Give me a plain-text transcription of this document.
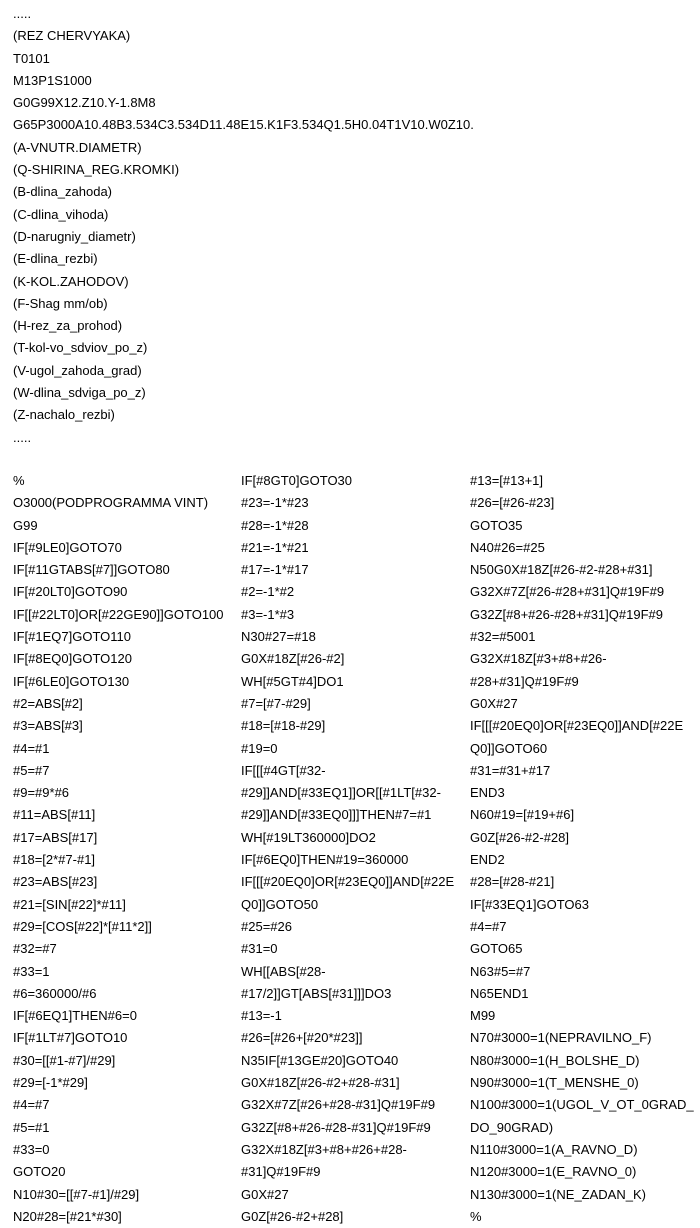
.....
(REZ CHERVYAKA)
T0101
M13P1S1000
G0G99X12.Z10.Y-1.8M8
G65P3000A10.48B3.534C3.534D11.48E15.K1F3.534Q1.5H0.04T1V10.W0Z10.
(A-VNUTR.DIAMETR)
(Q-SHIRINA_REG.KROMKI)
(B-dlina_zahoda)
(C-dlina_vihoda)
(D-narugniy_diametr)
(E-dlina_rezbi)
(K-KOL.ZAHODOV)
(F-Shag mm/ob)
(H-rez_za_prohod)
(T-kol-vo_sdviov_po_z)
(V-ugol_zahoda_grad)
(W-dlina_sdviga_po_z)
(Z-nachalo_rezbi)
.....
%
O3000(PODPROGRAMMA VINT)
G99
IF[#9LE0]GOTO70
IF[#11GTABS[#7]]GOTO80
IF[#20LT0]GOTO90
IF[[#22LT0]OR[#22GE90]]GOTO100
IF[#1EQ7]GOTO110
IF[#8EQ0]GOTO120
IF[#6LE0]GOTO130
#2=ABS[#2]
#3=ABS[#3]
#4=#1
#5=#7
#9=#9*#6
#11=ABS[#11]
#17=ABS[#17]
#18=[2*#7-#1]
#23=ABS[#23]
#21=[SIN[#22]*#11]
#29=[COS[#22]*[#11*2]]
#32=#7
#33=1
#6=360000/#6
IF[#6EQ1]THEN#6=0
IF[#1LT#7]GOTO10
#30=[[#1-#7]/#29]
#29=[-1*#29]
#4=#7
#5=#1
#33=0
GOTO20
N10#30=[[#7-#1]/#29]
N20#28=[#21*#30]
IF[#8GT0]GOTO30
#23=-1*#23
#28=-1*#28
#21=-1*#21
#17=-1*#17
#2=-1*#2
#3=-1*#3
N30#27=#18
G0X#18Z[#26-#2]
WH[#5GT#4]DO1
#7=[#7-#29]
#18=[#18-#29]
#19=0
IF[[[#4GT[#32-
#29]]AND[#33EQ1]]OR[[#1LT[#32-
#29]]AND[#33EQ0]]]THEN#7=#1
WH[#19LT360000]DO2
IF[#6EQ0]THEN#19=360000
IF[[[#20EQ0]OR[#23EQ0]]AND[#22E
Q0]]GOTO50
#25=#26
#31=0
WH[[ABS[#28-
#17/2]]GT[ABS[#31]]]DO3
#13=-1
#26=[#26+[#20*#23]]
N35IF[#13GE#20]GOTO40
G0X#18Z[#26-#2+#28-#31]
G32X#7Z[#26+#28-#31]Q#19F#9
G32Z[#8+#26-#28-#31]Q#19F#9
G32X#18Z[#3+#8+#26+#28-
#31]Q#19F#9
G0X#27
G0Z[#26-#2+#28]
#13=[#13+1]
#26=[#26-#23]
GOTO35
N40#26=#25
N50G0X#18Z[#26-#2-#28+#31]
G32X#7Z[#26-#28+#31]Q#19F#9
G32Z[#8+#26-#28+#31]Q#19F#9
#32=#5001
G32X#18Z[#3+#8+#26-
#28+#31]Q#19F#9
G0X#27
IF[[[#20EQ0]OR[#23EQ0]]AND[#22E
Q0]]GOTO60
#31=#31+#17
END3
N60#19=[#19+#6]
G0Z[#26-#2-#28]
END2
#28=[#28-#21]
IF[#33EQ1]GOTO63
#4=#7
GOTO65
N63#5=#7
N65END1
M99
N70#3000=1(NEPRAVILNO_F)
N80#3000=1(H_BOLSHE_D)
N90#3000=1(T_MENSHE_0)
N100#3000=1(UGOL_V_OT_0GRAD_
DO_90GRAD)
N110#3000=1(A_RAVNO_D)
N120#3000=1(E_RAVNO_0)
N130#3000=1(NE_ZADAN_K)
%
